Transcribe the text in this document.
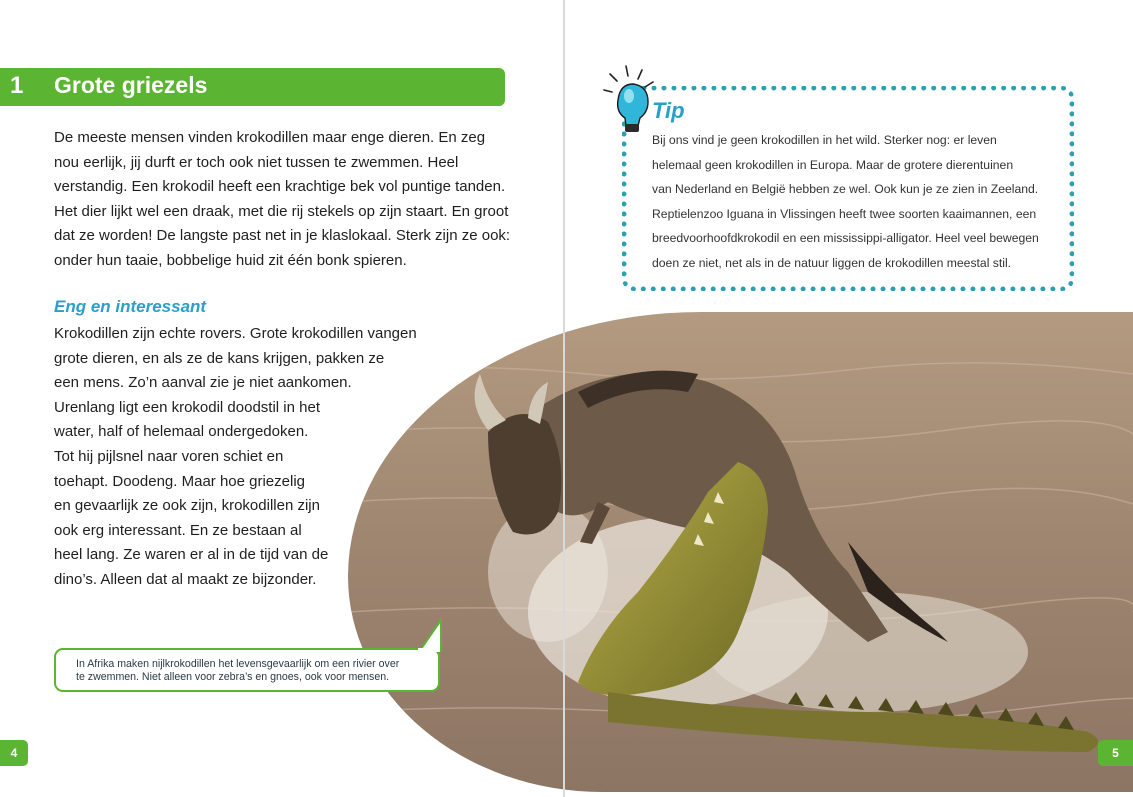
1 Grote griezels

De meeste mensen vinden krokodillen maar enge dieren. En zeg nou eerlijk, jij durft er toch ook niet tussen te zwemmen. Heel verstandig. Een krokodil heeft een krachtige bek vol puntige tanden. Het dier lijkt wel een draak, met die rij stekels op zijn staart. En groot dat ze worden! De langste past net in je klaslokaal. Sterk zijn ze ook: onder hun taaie, bobbelige huid zit één bonk spieren.

Eng en interessant

Krokodillen zijn echte rovers. Grote krokodillen vangen
grote dieren, en als ze de kans krijgen, pakken ze
een mens. Zo’n aanval zie je niet aankomen.
Urenlang ligt een krokodil doodstil in het
water, half of helemaal ondergedoken.
Tot hij pijlsnel naar voren schiet en
toehapt. Doodeng. Maar hoe griezelig
en gevaarlijk ze ook zijn, krokodillen zijn
ook erg interessant. En ze bestaan al
heel lang. Ze waren er al in de tijd van de
dino’s. Alleen dat al maakt ze bijzonder.

In Afrika maken nijlkrokodillen het levensgevaarlijk om een rivier over
te zwemmen. Niet alleen voor zebra’s en gnoes, ook voor mensen.
4	5
Tip

Bij ons vind je geen krokodillen in het wild. Sterker nog: er leven
helemaal geen krokodillen in Europa. Maar de grotere dierentuinen
van Nederland en België hebben ze wel. Ook kun je ze zien in Zeeland.
Reptielenzoo Iguana in Vlissingen heeft twee soorten kaaimannen, een
breedvoorhoofdkrokodil en een mississippi-alligator. Heel veel bewegen
doen ze niet, net als in de natuur liggen de krokodillen meestal stil.
